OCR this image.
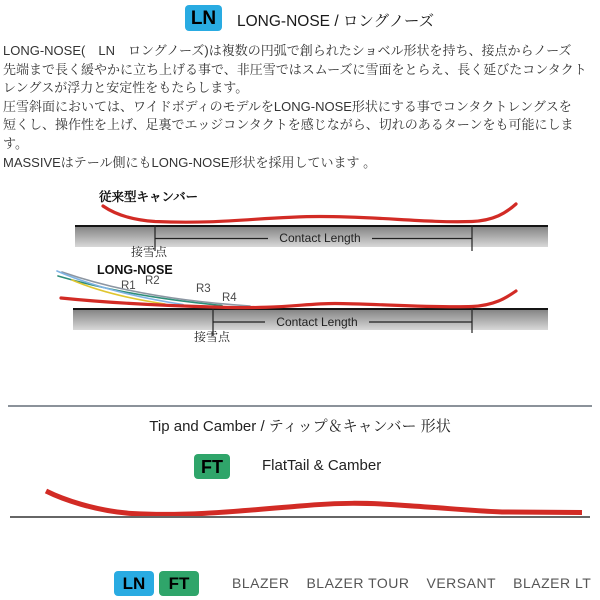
LN	LONG-NOSE / ロングノーズ
LONG-NOSE(　LN　ロングノーズ)は複数の円弧で創られたショベル形状を持ち、接点からノーズ
先端まで長く緩やかに立ち上げる事で、非圧雪ではスムーズに雪面をとらえ、長く延びたコンタクト
レングスが浮力と安定性をもたらします。
圧雪斜面においては、ワイドボディのモデルをLONG-NOSE形状にする事でコンタクトレングスを
短くし、操作性を上げ、足裏でエッジコンタクトを感じながら、切れのあるターンをも可能にします。
MASSIVEはテール側にもLONG-NOSE形状を採用しています 。
従来型キャンバー
Contact Length
接雪点
LONG-NOSE
R1 R2
R3
R4
Contact Length
接雪点
Tip and Camber / ティップ＆キャンバー 形状
FT	FlatTail & Camber
LN	FT	BLAZER BLAZER TOUR VERSANT BLAZER LT
